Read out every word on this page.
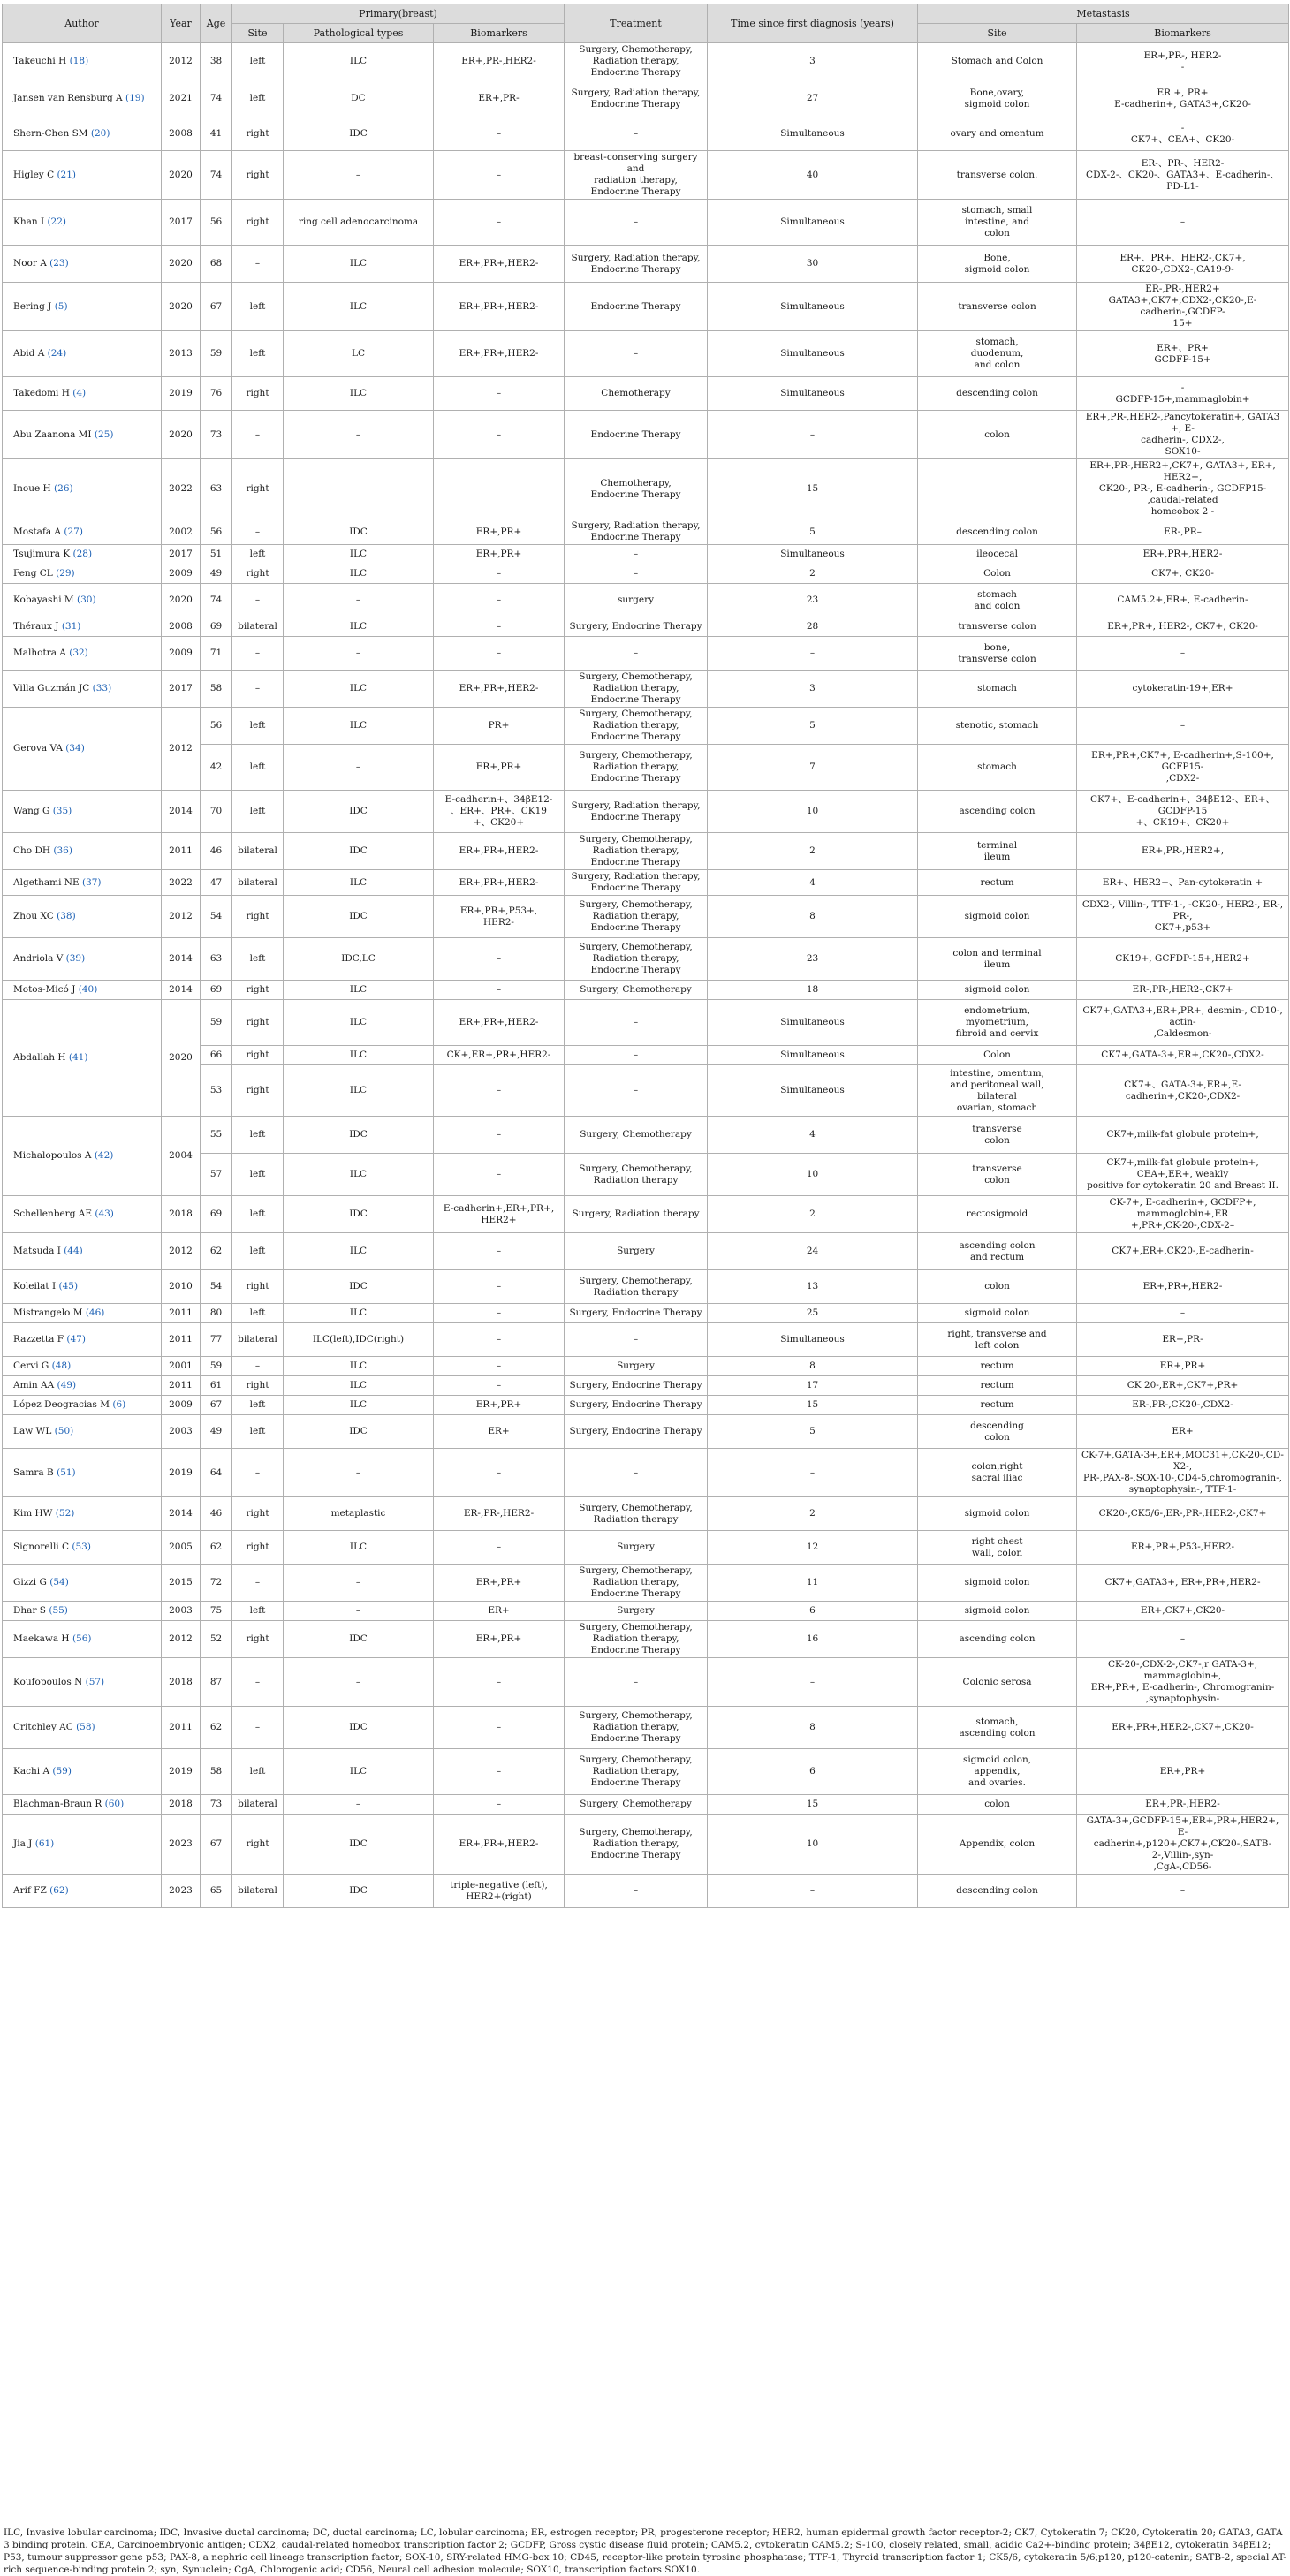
Author	Year	Age	Primary(breast)			Treatment	Time since first diagnosis (years)	Metastasis	
			Site	Pathological types	Biomarkers			Site	Biomarkers
Takeuchi H (18)	2012	38	left	ILC	ER+,PR-,HER2-	Surgery, Chemotherapy,
Radiation therapy,
Endocrine Therapy	3	Stomach and Colon	ER+,PR-, HER2-
-
Jansen van Rensburg A (19)	2021	74	left	DC	ER+,PR-	Surgery, Radiation therapy,
Endocrine Therapy	27	Bone,ovary,
sigmoid colon	ER +, PR+
E-cadherin+, GATA3+,CK20-
Shern-Chen SM (20)	2008	41	right	IDC	–	–	Simultaneous	ovary and omentum	-
CK7+、CEA+、CK20-
Higley C (21)	2020	74	right	–	–	breast-conserving surgery and
radiation therapy,
Endocrine Therapy	40	transverse colon.	ER-、PR-、HER2-
CDX-2-、CK20-、GATA3+、E-cadherin-、
PD-L1-
Khan I (22)	2017	56	right	ring cell adenocarcinoma	–	–	Simultaneous	stomach, small
intestine, and
colon	–
Noor A (23)	2020	68	–	ILC	ER+,PR+,HER2-	Surgery, Radiation therapy,
Endocrine Therapy	30	Bone,
sigmoid colon	ER+、PR+、HER2-,CK7+, CK20-,CDX2-,CA19-9-
Bering J (5)	2020	67	left	ILC	ER+,PR+,HER2-	Endocrine Therapy	Simultaneous	transverse colon	ER-,PR-,HER2+
GATA3+,CK7+,CDX2-,CK20-,E-cadherin-,GCDFP-
15+
Abid A (24)	2013	59	left	LC	ER+,PR+,HER2-	–	Simultaneous	stomach,
duodenum,
and colon	ER+、PR+
GCDFP-15+
Takedomi H (4)	2019	76	right	ILC	–	Chemotherapy	Simultaneous	descending colon	-
GCDFP-15+,mammaglobin+
Abu Zaanona MI (25)	2020	73	–	–	–	Endocrine Therapy	–	colon	ER+,PR-,HER2-,Pancytokeratin+, GATA3 +, E-
cadherin-, CDX2-,
SOX10-
Inoue H (26)	2022	63	right			Chemotherapy,
Endocrine Therapy	15		ER+,PR-,HER2+,CK7+, GATA3+, ER+, HER2+,
CK20-, PR-, E-cadherin-, GCDFP15- ,caudal-related
homeobox 2 -
Mostafa A (27)	2002	56	–	IDC	ER+,PR+	Surgery, Radiation therapy,
Endocrine Therapy	5	descending colon	ER-,PR–
Tsujimura K (28)	2017	51	left	ILC	ER+,PR+	–	Simultaneous	ileocecal	ER+,PR+,HER2-
Feng CL (29)	2009	49	right	ILC	–	–	2	Colon	CK7+, CK20-
Kobayashi M (30)	2020	74	–	–	–	surgery	23	stomach
and colon	CAM5.2+,ER+, E-cadherin-
Théraux J (31)	2008	69	bilateral	ILC	–	Surgery, Endocrine Therapy	28	transverse colon	ER+,PR+, HER2-, CK7+, CK20-
Malhotra A (32)	2009	71	–	–	–	–	–	bone,
transverse colon	–
Villa Guzmán JC (33)	2017	58	–	ILC	ER+,PR+,HER2-	Surgery, Chemotherapy,
Radiation therapy,
Endocrine Therapy	3	stomach	cytokeratin-19+,ER+
Gerova VA (34)	2012	56	left	ILC	PR+	Surgery, Chemotherapy,
Radiation therapy,
Endocrine Therapy	5	stenotic, stomach	–
		42	left	–	ER+,PR+	Surgery, Chemotherapy,
Radiation therapy,
Endocrine Therapy	7	stomach	ER+,PR+,CK7+, E-cadherin+,S-100+, GCFP15-
,CDX2-
Wang G (35)	2014	70	left	IDC	E-cadherin+、34βE12-
、ER+、PR+、CK19
+、CK20+	Surgery, Radiation therapy,
Endocrine Therapy	10	ascending colon	CK7+、E-cadherin+、34βE12-、ER+、GCDFP-15
+、CK19+、CK20+
Cho DH (36)	2011	46	bilateral	IDC	ER+,PR+,HER2-	Surgery, Chemotherapy,
Radiation therapy,
Endocrine Therapy	2	terminal
ileum	ER+,PR-,HER2+,
Algethami NE (37)	2022	47	bilateral	ILC	ER+,PR+,HER2-	Surgery, Radiation therapy,
Endocrine Therapy	4	rectum	ER+、HER2+、Pan-cytokeratin +
Zhou XC (38)	2012	54	right	IDC	ER+,PR+,P53+,
HER2-	Surgery, Chemotherapy,
Radiation therapy,
Endocrine Therapy	8	sigmoid colon	CDX2-, Villin-, TTF-1-, -CK20-, HER2-, ER-, PR-,
CK7+,p53+
Andriola V (39)	2014	63	left	IDC,LC	–	Surgery, Chemotherapy,
Radiation therapy,
Endocrine Therapy	23	colon and terminal
ileum	CK19+, GCFDP-15+,HER2+
Motos-Micó J (40)	2014	69	right	ILC	–	Surgery, Chemotherapy	18	sigmoid colon	ER-,PR-,HER2-,CK7+
Abdallah H (41)	2020	59	right	ILC	ER+,PR+,HER2-	–	Simultaneous	endometrium,
myometrium,
fibroid and cervix	CK7+,GATA3+,ER+,PR+, desmin-, CD10-, actin-
,Caldesmon-
		66	right	ILC	CK+,ER+,PR+,HER2-	–	Simultaneous	Colon	CK7+,GATA-3+,ER+,CK20-,CDX2-
		53	right	ILC	–	–	Simultaneous	intestine, omentum,
and peritoneal wall,
bilateral
ovarian, stomach	CK7+、GATA-3+,ER+,E-cadherin+,CK20-,CDX2-
Michalopoulos A (42)	2004	55	left	IDC	–	Surgery, Chemotherapy	4	transverse
colon	CK7+,milk-fat globule protein+,
		57	left	ILC	–	Surgery, Chemotherapy,
Radiation therapy	10	transverse
colon	CK7+,milk-fat globule protein+, CEA+,ER+, weakly
positive for cytokeratin 20 and Breast II.
Schellenberg AE (43)	2018	69	left	IDC	E-cadherin+,ER+,PR+,
HER2+	Surgery, Radiation therapy	2	rectosigmoid	CK-7+, E-cadherin+, GCDFP+, mammoglobin+,ER
+,PR+,CK-20-,CDX-2–
Matsuda I (44)	2012	62	left	ILC	–	Surgery	24	ascending colon
and rectum	CK7+,ER+,CK20-,E-cadherin-
Koleilat I (45)	2010	54	right	IDC	–	Surgery, Chemotherapy,
Radiation therapy	13	colon	ER+,PR+,HER2-
Mistrangelo M (46)	2011	80	left	ILC	–	Surgery, Endocrine Therapy	25	sigmoid colon	–
Razzetta F (47)	2011	77	bilateral	ILC(left),IDC(right)	–	–	Simultaneous	right, transverse and
left colon	ER+,PR-
Cervi G (48)	2001	59	–	ILC	–	Surgery	8	rectum	ER+,PR+
Amin AA (49)	2011	61	right	ILC	–	Surgery, Endocrine Therapy	17	rectum	CK 20-,ER+,CK7+,PR+
López Deogracias M (6)	2009	67	left	ILC	ER+,PR+	Surgery, Endocrine Therapy	15	rectum	ER-,PR-,CK20-,CDX2-
Law WL (50)	2003	49	left	IDC	ER+	Surgery, Endocrine Therapy	5	descending
colon	ER+
Samra B (51)	2019	64	–	–	–	–	–	colon,right
sacral iliac	CK-7+,GATA-3+,ER+,MOC31+,CK-20-,CD-X2-,
PR-,PAX-8-,SOX-10-,CD4-5,chromogranin-,
synaptophysin-, TTF-1-
Kim HW (52)	2014	46	right	metaplastic	ER-,PR-,HER2-	Surgery, Chemotherapy,
Radiation therapy	2	sigmoid colon	CK20-,CK5/6-,ER-,PR-,HER2-,CK7+
Signorelli C (53)	2005	62	right	ILC	–	Surgery	12	right chest
wall, colon	ER+,PR+,P53-,HER2-
Gizzi G (54)	2015	72	–	–	ER+,PR+	Surgery, Chemotherapy,
Radiation therapy,
Endocrine Therapy	11	sigmoid colon	CK7+,GATA3+, ER+,PR+,HER2-
Dhar S (55)	2003	75	left	–	ER+	Surgery	6	sigmoid colon	ER+,CK7+,CK20-
Maekawa H (56)	2012	52	right	IDC	ER+,PR+	Surgery, Chemotherapy,
Radiation therapy,
Endocrine Therapy	16	ascending colon	–
Koufopoulos N (57)	2018	87	–	–	–	–	–	Colonic serosa	CK-20-,CDX-2-,CK7-,r GATA-3+, mammaglobin+,
ER+,PR+, E-cadherin-, Chromogranin-
,synaptophysin-
Critchley AC (58)	2011	62	–	IDC	–	Surgery, Chemotherapy,
Radiation therapy,
Endocrine Therapy	8	stomach,
ascending colon	ER+,PR+,HER2-,CK7+,CK20-
Kachi A (59)	2019	58	left	ILC	–	Surgery, Chemotherapy,
Radiation therapy,
Endocrine Therapy	6	sigmoid colon,
appendix,
and ovaries.	ER+,PR+
Blachman-Braun R (60)	2018	73	bilateral	–	–	Surgery, Chemotherapy	15	colon	ER+,PR-,HER2-
Jia J (61)	2023	67	right	IDC	ER+,PR+,HER2-	Surgery, Chemotherapy,
Radiation therapy,
Endocrine Therapy	10	Appendix, colon	GATA-3+,GCDFP-15+,ER+,PR+,HER2+, E-
cadherin+,p120+,CK7+,CK20-,SATB-2-,Villin-,syn-
,CgA-,CD56-
Arif FZ (62)	2023	65	bilateral	IDC	triple-negative (left),
HER2+(right)	–	–	descending colon	–
ILC, Invasive lobular carcinoma; IDC, Invasive ductal carcinoma; DC, ductal carcinoma; LC, lobular carcinoma; ER, estrogen receptor; PR, progesterone receptor; HER2, human epidermal growth factor receptor-2; CK7, Cytokeratin 7; CK20, Cytokeratin 20; GATA3, GATA 3 binding protein. CEA, Carcinoembryonic antigen; CDX2, caudal-related homeobox transcription factor 2; GCDFP, Gross cystic disease fluid protein; CAM5.2, cytokeratin CAM5.2; S-100, closely related, small, acidic Ca2+-binding protein; 34βE12, cytokeratin 34βE12; P53, tumour suppressor gene p53; PAX-8, a nephric cell lineage transcription factor; SOX-10, SRY-related HMG-box 10; CD45, receptor-like protein tyrosine phosphatase; TTF-1, Thyroid transcription factor 1; CK5/6, cytokeratin 5/6;p120, p120-catenin; SATB-2, special AT-rich sequence-binding protein 2; syn, Synuclein; CgA, Chlorogenic acid; CD56, Neural cell adhesion molecule; SOX10, transcription factors SOX10.
